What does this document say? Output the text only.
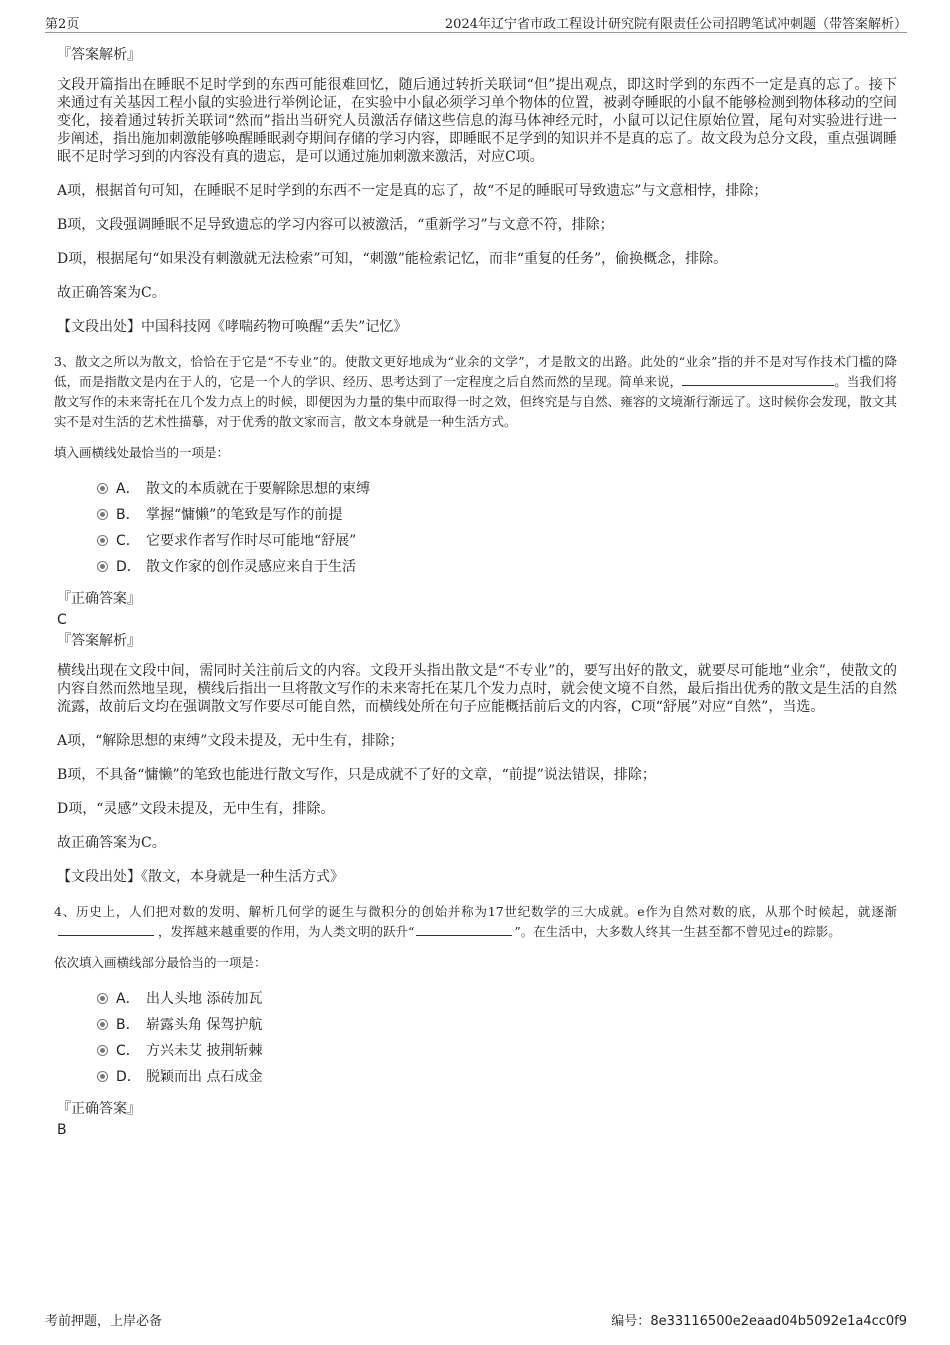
第2页	2024年辽宁省市政工程设计研究院有限责任公司招聘笔试冲刺题（带答案解析）
『答案解析』

文段开篇指出在睡眠不足时学到的东西可能很难回忆，随后通过转折关联词“但”提出观点，即这时学到的东西不一定是真的忘了。接下来通过有关基因工程小鼠的实验进行举例论证，在实验中小鼠必须学习单个物体的位置，被剥夺睡眠的小鼠不能够检测到物体移动的空间变化，接着通过转折关联词“然而”指出当研究人员激活存储这些信息的海马体神经元时，小鼠可以记住原始位置，尾句对实验进行进一步阐述，指出施加刺激能够唤醒睡眠剥夺期间存储的学习内容，即睡眠不足学到的知识并不是真的忘了。故文段为总分文段，重点强调睡眠不足时学习到的内容没有真的遗忘，是可以通过施加刺激来激活，对应C项。

A项，根据首句可知，在睡眠不足时学到的东西不一定是真的忘了，故“不足的睡眠可导致遗忘”与文意相悖，排除；

B项，文段强调睡眠不足导致遗忘的学习内容可以被激活，“重新学习”与文意不符，排除；

D项，根据尾句“如果没有刺激就无法检索”可知，“刺激”能检索记忆，而非“重复的任务”，偷换概念，排除。

故正确答案为C。

【文段出处】中国科技网《哮喘药物可唤醒“丢失”记忆》

3、散文之所以为散文，恰恰在于它是“不专业”的。使散文更好地成为“业余的文学”，才是散文的出路。此处的“业余”指的并不是对写作技术门槛的降低，而是指散文是内在于人的，它是一个人的学识、经历、思考达到了一定程度之后自然而然的呈现。简单来说，	。当我们将散文写作的未来寄托在几个发力点上的时候，即便因为力量的集中而取得一时之效，但终究是与自然、雍容的文境渐行渐远了。这时候你会发现，散文其实不是对生活的艺术性描摹，对于优秀的散文家而言，散文本身就是一种生活方式。
填入画横线处最恰当的一项是：
A． 散文的本质就在于要解除思想的束缚
B． 掌握“慵懒”的笔致是写作的前提
C． 它要求作者写作时尽可能地“舒展”
D． 散文作家的创作灵感应来自于生活
『正确答案』
C
『答案解析』

横线出现在文段中间，需同时关注前后文的内容。文段开头指出散文是“不专业”的，要写出好的散文，就要尽可能地“业余”，使散文的内容自然而然地呈现，横线后指出一旦将散文写作的未来寄托在某几个发力点时，就会使文境不自然，最后指出优秀的散文是生活的自然流露，故前后文均在强调散文写作要尽可能自然，而横线处所在句子应能概括前后文的内容，C项“舒展”对应“自然”，当选。

A项，“解除思想的束缚”文段未提及，无中生有，排除；

B项，不具备“慵懒”的笔致也能进行散文写作，只是成就不了好的文章，“前提”说法错误，排除；

D项，“灵感”文段未提及，无中生有，排除。

故正确答案为C。

【文段出处】《散文，本身就是一种生活方式》

4、历史上，人们把对数的发明、解析几何学的诞生与微积分的创始并称为17世纪数学的三大成就。e作为自然对数的底，从那个时候起，就逐渐，发挥越来越重要的作用，为人类文明的跃升“	”。在生活中，大多数人终其一生甚至都不曾见过e的踪影。
依次填入画横线部分最恰当的一项是：
A． 出人头地 添砖加瓦
B． 崭露头角 保驾护航
C． 方兴未艾 披荆斩棘
D． 脱颖而出 点石成金
『正确答案』
B
考前押题，上岸必备	编号：8e33116500e2eaad04b5092e1a4cc0f9
